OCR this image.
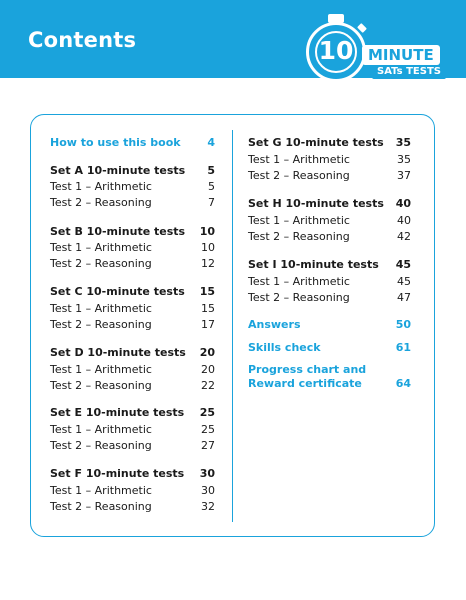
Contents	10 MINUTE
SATs TESTS
How to use this book 4
Set A 10-minute tests 5
Test 1 – Arithmetic	5
Test 2 – Reasoning	7
Set B 10-minute tests 10
Test 1 – Arithmetic	10
Test 2 – Reasoning	12
Set C 10-minute tests 15
Test 1 – Arithmetic	15
Test 2 – Reasoning	17
Set D 10-minute tests 20
Test 1 – Arithmetic	20
Test 2 – Reasoning	22
Set E 10-minute tests 25
Test 1 – Arithmetic	25
Test 2 – Reasoning	27
Set F 10-minute tests 30
Test 1 – Arithmetic	30
Test 2 – Reasoning	32
Set G 10-minute tests 35
Test 1 – Arithmetic	35
Test 2 – Reasoning	37
Set H 10-minute tests 40
Test 1 – Arithmetic	40
Test 2 – Reasoning	42
Set I 10-minute tests 45
Test 1 – Arithmetic	45
Test 2 – Reasoning	47
Answers	50
Skills check	61
Progress chart and
Reward certificate	64
